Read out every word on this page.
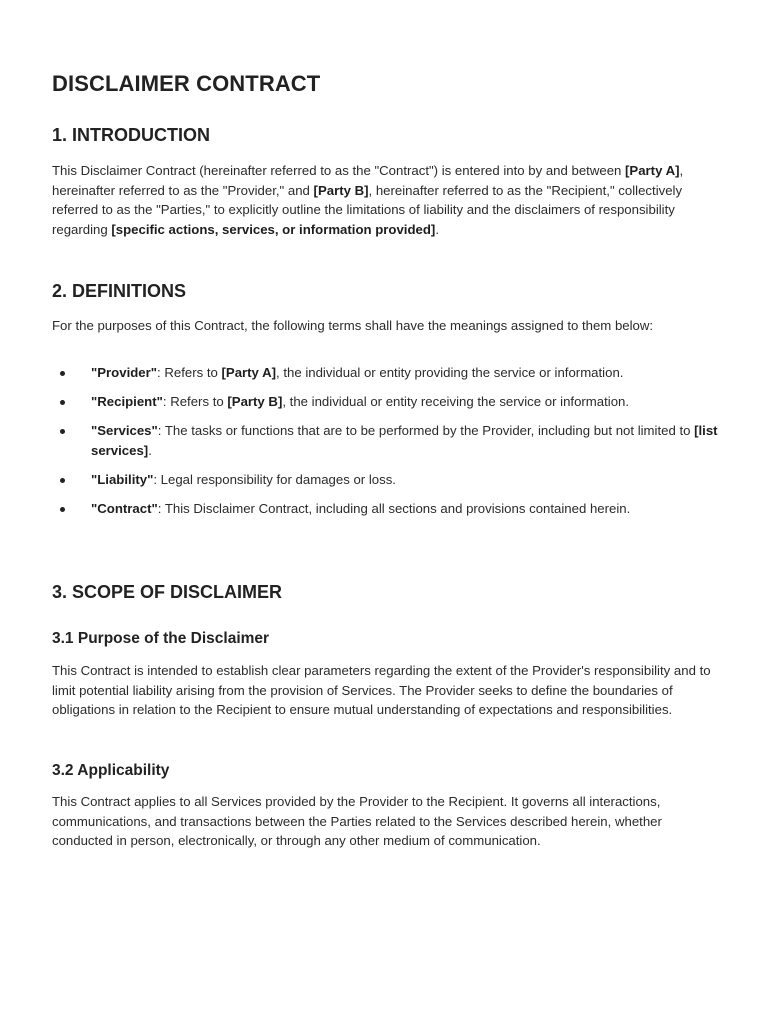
DISCLAIMER CONTRACT
1. INTRODUCTION

This Disclaimer Contract (hereinafter referred to as the "Contract") is entered into by and between [Party A], hereinafter referred to as the "Provider," and [Party B], hereinafter referred to as the "Recipient," collectively referred to as the "Parties," to explicitly outline the limitations of liability and the disclaimers of responsibility regarding [specific actions, services, or information provided].

2. DEFINITIONS

For the purposes of this Contract, the following terms shall have the meanings assigned to them below:

"Provider": Refers to [Party A], the individual or entity providing the service or information.
"Recipient": Refers to [Party B], the individual or entity receiving the service or information.
"Services": The tasks or functions that are to be performed by the Provider, including but not limited to [list services].
"Liability": Legal responsibility for damages or loss.
"Contract": This Disclaimer Contract, including all sections and provisions contained herein.
3. SCOPE OF DISCLAIMER
3.1 Purpose of the Disclaimer

This Contract is intended to establish clear parameters regarding the extent of the Provider's responsibility and to limit potential liability arising from the provision of Services. The Provider seeks to define the boundaries of obligations in relation to the Recipient to ensure mutual understanding of expectations and responsibilities.

3.2 Applicability

This Contract applies to all Services provided by the Provider to the Recipient. It governs all interactions, communications, and transactions between the Parties related to the Services described herein, whether conducted in person, electronically, or through any other medium of communication.
